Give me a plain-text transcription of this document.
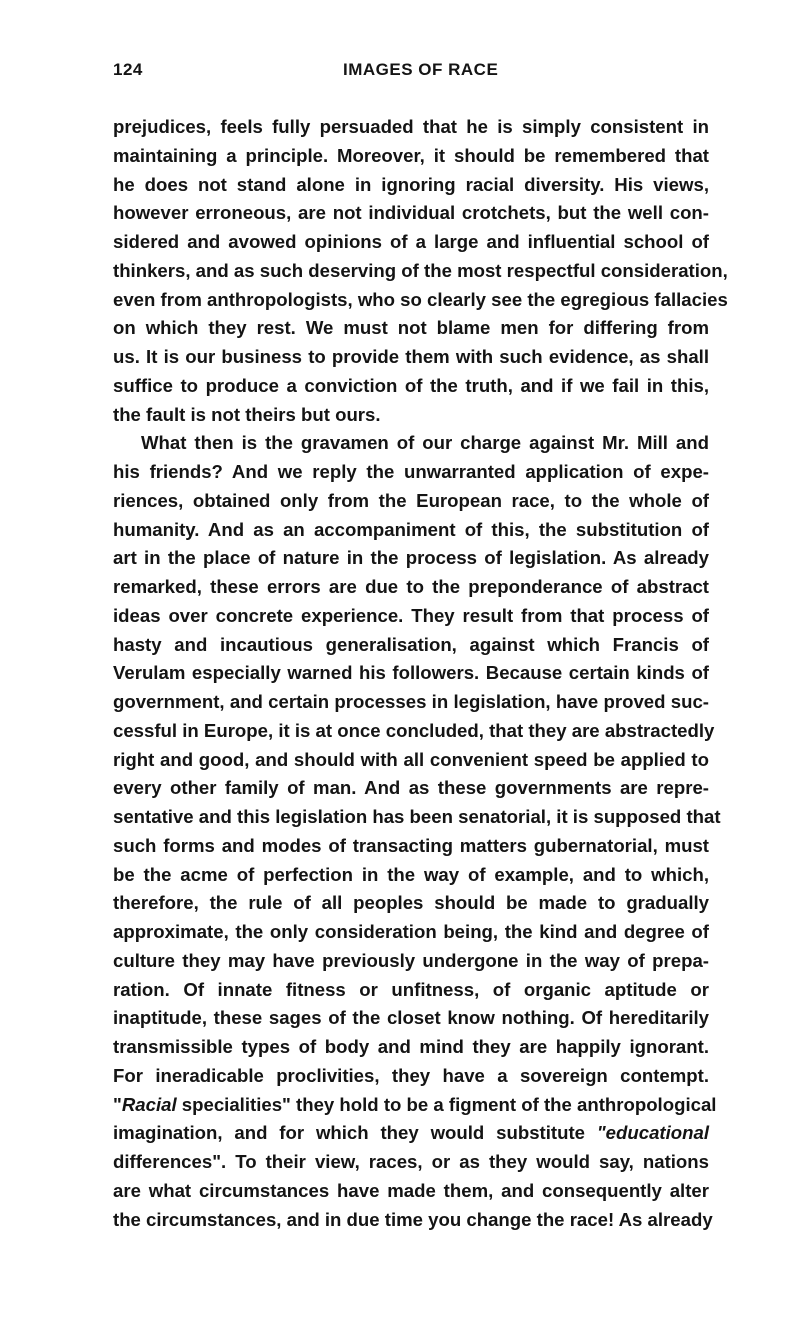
124	IMAGES OF RACE
prejudices, feels fully persuaded that he is simply consistent in
maintaining a principle. Moreover, it should be remembered that
he does not stand alone in ignoring racial diversity. His views,
however erroneous, are not individual crotchets, but the well con-
sidered and avowed opinions of a large and influential school of
thinkers, and as such deserving of the most respectful consideration,
even from anthropologists, who so clearly see the egregious fallacies
on which they rest. We must not blame men for differing from
us. It is our business to provide them with such evidence, as shall
suffice to produce a conviction of the truth, and if we fail in this,
the fault is not theirs but ours.
What then is the gravamen of our charge against Mr. Mill and
his friends? And we reply the unwarranted application of expe-
riences, obtained only from the European race, to the whole of
humanity. And as an accompaniment of this, the substitution of
art in the place of nature in the process of legislation. As already
remarked, these errors are due to the preponderance of abstract
ideas over concrete experience. They result from that process of
hasty and incautious generalisation, against which Francis of
Verulam especially warned his followers. Because certain kinds of
government, and certain processes in legislation, have proved suc-
cessful in Europe, it is at once concluded, that they are abstractedly
right and good, and should with all convenient speed be applied to
every other family of man. And as these governments are repre-
sentative and this legislation has been senatorial, it is supposed that
such forms and modes of transacting matters gubernatorial, must
be the acme of perfection in the way of example, and to which,
therefore, the rule of all peoples should be made to gradually
approximate, the only consideration being, the kind and degree of
culture they may have previously undergone in the way of prepa-
ration. Of innate fitness or unfitness, of organic aptitude or
inaptitude, these sages of the closet know nothing. Of hereditarily
transmissible types of body and mind they are happily ignorant.
For ineradicable proclivities, they have a sovereign contempt.
"Racial specialities" they hold to be a figment of the anthropological
imagination, and for which they would substitute "educational
differences". To their view, races, or as they would say, nations
are what circumstances have made them, and consequently alter
the circumstances, and in due time you change the race! As already
